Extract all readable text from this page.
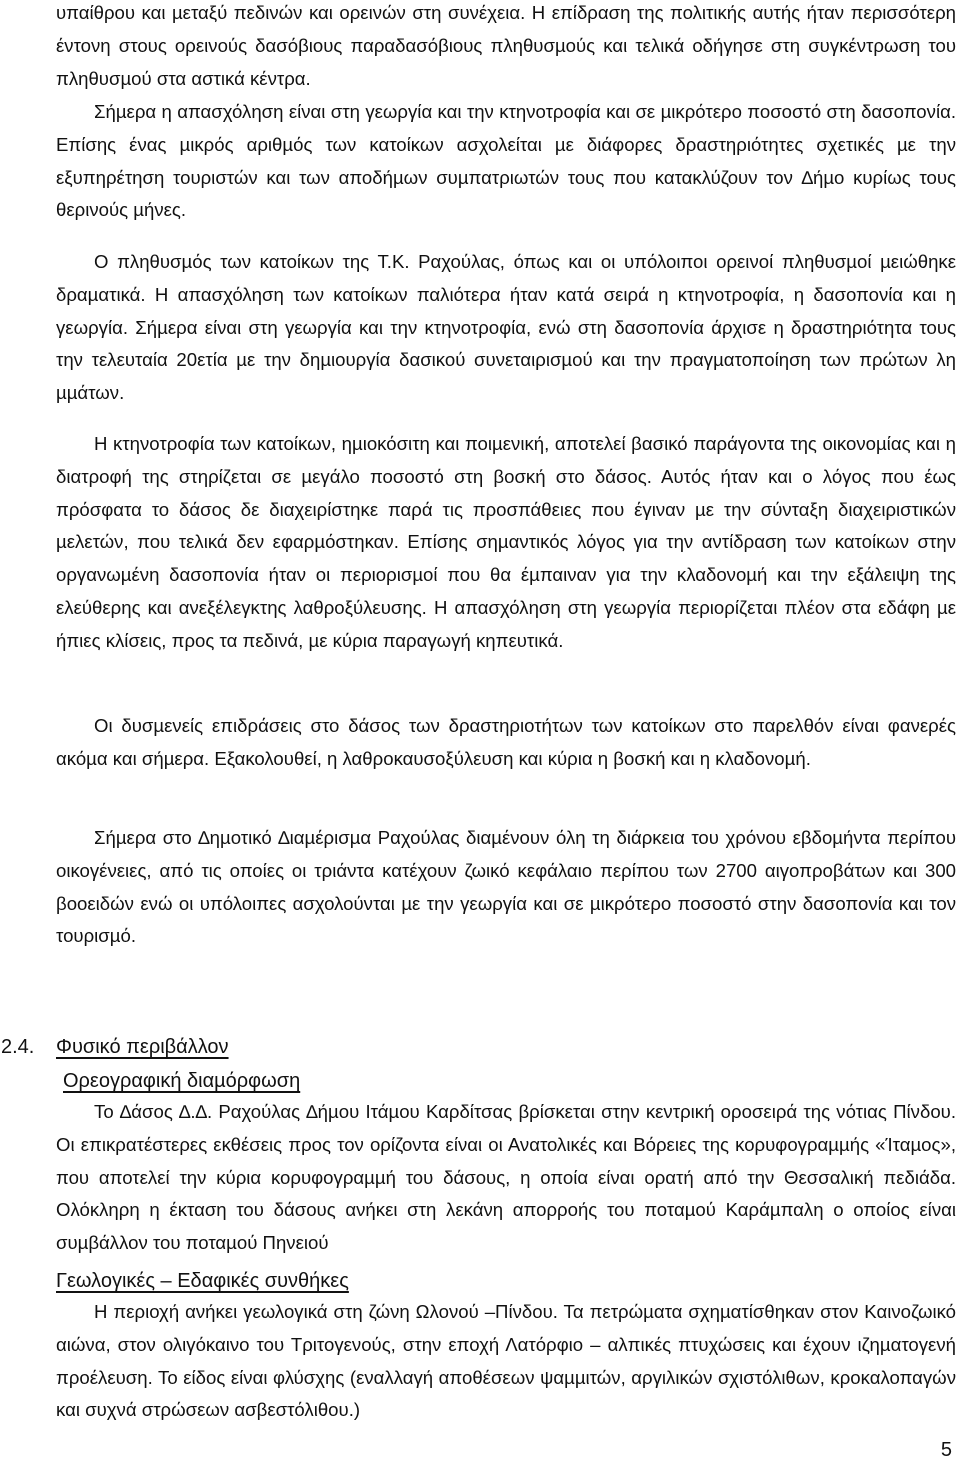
υπαίθρου και µεταξύ πεδινών και ορεινών στη συνέχεια. Η επίδραση της πολιτικής αυτής ήταν περισσότερη έντονη στους ορεινούς δασόβιους παραδασόβιους πληθυσµούς και τελικά οδήγησε στη συγκέντρωση του πληθυσµού στα αστικά κέντρα.

Σήµερα η απασχόληση είναι στη γεωργία και την κτηνοτροφία και σε µικρότερο ποσοστό στη δασοπονία. Επίσης ένας µικρός αριθµός των κατοίκων ασχολείται µε διάφορες δραστηριότητες σχετικές µε την εξυπηρέτηση τουριστών και των αποδήµων συµπατριωτών τους που κατακλύζουν τον ∆ήµο κυρίως τους θερινούς µήνες.

Ο πληθυσµός των κατοίκων της Τ.Κ. Ραχούλας, όπως και οι υπόλοιποι ορεινοί πληθυσµοί µειώθηκε δραµατικά. Η απασχόληση των κατοίκων παλιότερα ήταν κατά σειρά η κτηνοτροφία, η δασοπονία και η γεωργία. Σήµερα είναι στη γεωργία και την κτηνοτροφία, ενώ στη δασοπονία άρχισε η δραστηριότητα τους την τελευταία 20ετία µε την δηµιουργία δασικού συνεταιρισµού και την πραγµατοποίηση των πρώτων λη µµάτων.

Η κτηνοτροφία των κατοίκων, ηµιοκόσιτη και ποιµενική, αποτελεί βασικό παράγοντα της οικονοµίας και η διατροφή της στηρίζεται σε µεγάλο ποσοστό στη βοσκή στο δάσος. Αυτός ήταν και ο λόγος που έως πρόσφατα το δάσος δε διαχειρίστηκε παρά τις προσπάθειες που έγιναν µε την σύνταξη διαχειριστικών µελετών, που τελικά δεν εφαρµόστηκαν. Επίσης σηµαντικός λόγος για την αντίδραση των κατοίκων στην οργανωµένη δασοπονία ήταν οι περιορισµοί που θα έµπαιναν για την κλαδονοµή και την εξάλειψη της ελεύθερης και ανεξέλεγκτης λαθροξύλευσης. Η απασχόληση στη γεωργία περιορίζεται πλέον στα εδάφη µε ήπιες κλίσεις, προς τα πεδινά, µε κύρια παραγωγή κηπευτικά.

Οι δυσµενείς επιδράσεις στο δάσος των δραστηριοτήτων των κατοίκων στο παρελθόν είναι φανερές ακόµα και σήµερα. Εξακολουθεί, η λαθροκαυσοξύλευση και κύρια η βοσκή και η κλαδονοµή.

Σήµερα στο ∆ηµοτικό ∆ιαµέρισµα Ραχούλας διαµένουν όλη τη διάρκεια του χρόνου εβδοµήντα περίπου οικογένειες, από τις οποίες οι τριάντα κατέχουν ζωικό κεφάλαιο περίπου των 2700 αιγοπροβάτων και 300 βοοειδών ενώ οι υπόλοιπες ασχολούνται µε την γεωργία και σε µικρότερο ποσοστό στην δασοπονία και τον τουρισµό.

2.4. Φυσικό περιβάλλον
Ορεογραφική διαµόρφωση

Το ∆άσος ∆.∆. Ραχούλας ∆ήµου Ιτάµου Καρδίτσας βρίσκεται στην κεντρική οροσειρά της νότιας Πίνδου. Οι επικρατέστερες εκθέσεις προς τον ορίζοντα είναι οι Ανατολικές και Βόρειες της κορυφογραµµής «Ίταµος», που αποτελεί την κύρια κορυφογραµµή του δάσους, η οποία είναι ορατή από την Θεσσαλική πεδιάδα. Ολόκληρη η έκταση του δάσους ανήκει στη λεκάνη απορροής του ποταµού Καράµπαλη ο οποίος είναι συµβάλλον του ποταµού Πηνειού

Γεωλογικές – Εδαφικές συνθήκες

Η περιοχή ανήκει γεωλογικά στη ζώνη Ωλονού –Πίνδου. Τα πετρώµατα σχηµατίσθηκαν στον Καινοζωικό αιώνα, στον ολιγόκαινο του Τριτογενούς, στην εποχή Λατόρφιο – αλπικές πτυχώσεις και έχουν ιζηµατογενή προέλευση. Το είδος είναι φλύσχης (εναλλαγή αποθέσεων ψαµµιτών, αργιλικών σχιστόλιθων, κροκαλοπαγών και συχνά στρώσεων ασβεστόλιθου.)

5
